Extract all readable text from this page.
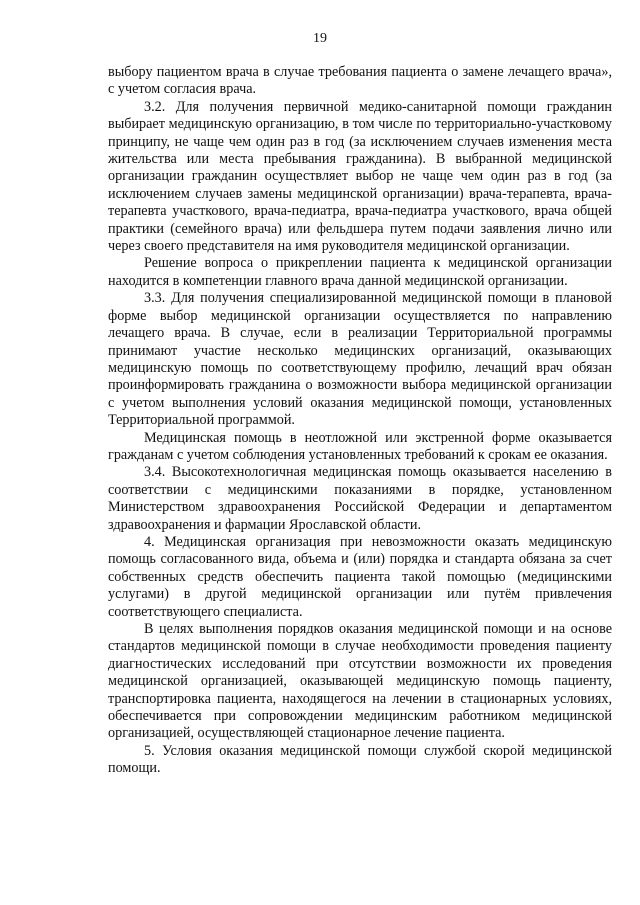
19

выбору пациентом врача в случае требования пациента о замене лечащего врача», с учетом согласия врача.

3.2. Для получения первичной медико-санитарной помощи гражданин выбирает медицинскую организацию, в том числе по территориально-участковому принципу, не чаще чем один раз в год (за исключением случаев изменения места жительства или места пребывания гражданина). В выбранной медицинской организации гражданин осуществляет выбор не чаще чем один раз в год (за исключением случаев замены медицинской организации) врача-терапевта, врача-терапевта участкового, врача-педиатра, врача-педиатра участкового, врача общей практики (семейного врача) или фельдшера путем подачи заявления лично или через своего представителя на имя руководителя медицинской организации.

Решение вопроса о прикреплении пациента к медицинской организации находится в компетенции главного врача данной медицинской организации.

3.3. Для получения специализированной медицинской помощи в плановой форме выбор медицинской организации осуществляется по направлению лечащего врача. В случае, если в реализации Территориальной программы принимают участие несколько медицинских организаций, оказывающих медицинскую помощь по соответствующему профилю, лечащий врач обязан проинформировать гражданина о возможности выбора медицинской организации с учетом выполнения условий оказания медицинской помощи, установленных Территориальной программой.

Медицинская помощь в неотложной или экстренной форме оказывается гражданам с учетом соблюдения установленных требований к срокам ее оказания.

3.4. Высокотехнологичная медицинская помощь оказывается населению в соответствии с медицинскими показаниями в порядке, установленном Министерством здравоохранения Российской Федерации и департаментом здравоохранения и фармации Ярославской области.

4. Медицинская организация при невозможности оказать медицинскую помощь согласованного вида, объема и (или) порядка и стандарта обязана за счет собственных средств обеспечить пациента такой помощью (медицинскими услугами) в другой медицинской организации или путём привлечения соответствующего специалиста.

В целях выполнения порядков оказания медицинской помощи и на основе стандартов медицинской помощи в случае необходимости проведения пациенту диагностических исследований при отсутствии возможности их проведения медицинской организацией, оказывающей медицинскую помощь пациенту, транспортировка пациента, находящегося на лечении в стационарных условиях, обеспечивается при сопровождении медицинским работником медицинской организацией, осуществляющей стационарное лечение пациента.

5. Условия оказания медицинской помощи службой скорой медицинской помощи.
